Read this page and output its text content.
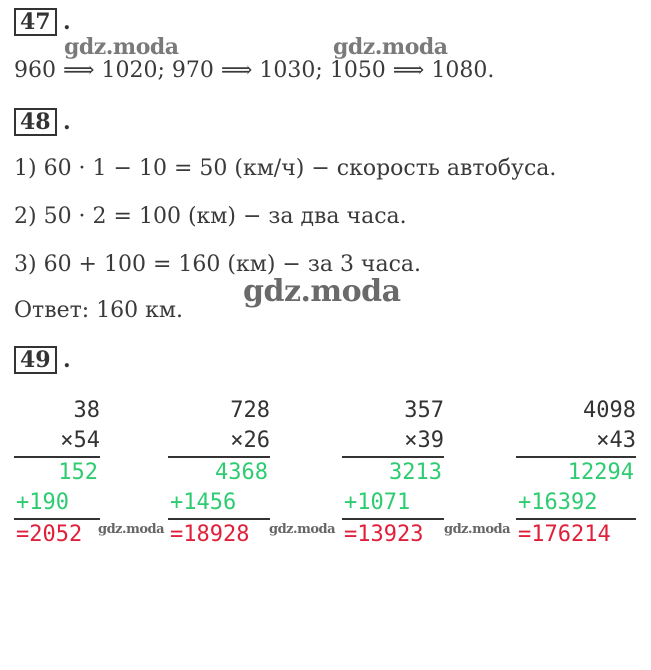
47 .
gdz.moda	gdz.moda
960 ⟹ 1020; 970 ⟹ 1030; 1050 ⟹ 1080.
48 .
1) 60 · 1 − 10 = 50 (км/ч) − скорость автобуса.
2) 50 · 2 = 100 (км) − за два часа.
3) 60 + 100 = 160 (км) − за 3 часа.
Ответ: 160 км.
gdz.moda
49 .
38
×54
152
+190
=2052	gdz.moda
728
×26
4368
+1456
=18928	gdz.moda
357
×39
3213
+1071
=13923	gdz.moda
4098
×43
12294
+16392
=176214
